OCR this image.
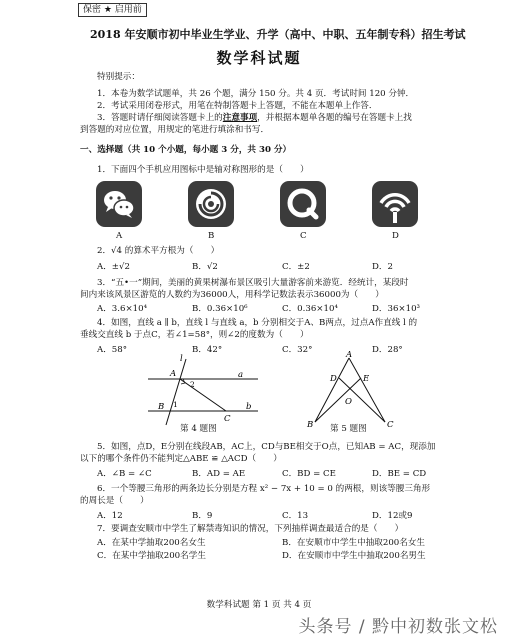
保密 ★ 启用前
2018 年安顺市初中毕业生学业、升学（高中、中职、五年制专科）招生考试
数学科试题
特别提示：
1．本卷为数学试题单，共 26 个题，满分 150 分。共 4 页．考试时间 120 分钟．
2．考试采用闭卷形式，用笔在特制答题卡上答题，不能在本题单上作答．
3．答题时请仔细阅读答题卡上的注意事项，并根据本题单各题的编号在答题卡上找
到答题的对应位置，用规定的笔进行填涂和书写．
一、选择题（共 10 个小题，每小题 3 分，共 30 分）
1．下面四个手机应用图标中是轴对称图形的是（　　）
A	B	C	D
2．√4 的算术平方根为（　　）
A．±√2	B．√2	C．±2	D．2
3．“五•一”期间，美丽的黄果树瀑布景区吸引大量游客前来游览．经统计，某段时
间内来该风景区游览的人数约为36000人，用科学记数法表示36000为（　　）
A．3.6×10⁴	B．0.36×10⁶	C．0.36×10⁴	D．36×10³
4．如图，直线 a ∥ b，直线 l 与直线 a，b 分别相交于A、B两点，过点A作直线 l 的
垂线交直线 b 于点C，若∠1=58°，则∠2的度数为（　　）
A．58°	B．42°	C．32°	D．28°
l
A	a
2
B 1
C
b
第 4 题图
A
D	E
O
B	C
第 5 题图
5．如图，点D，E分别在线段AB，AC上，CD与BE相交于O点，已知AB = AC，现添加
以下的哪个条件仍不能判定△ABE ≌ △ACD（　　）
A．∠B = ∠C	B．AD = AE	C．BD = CE	D．BE = CD
6．一个等腰三角形的两条边长分别是方程 x² − 7x + 10 = 0 的两根，则该等腰三角形
的周长是（　　）
A．12	B．9	C．13	D．12或9
7．要调查安顺市中学生了解禁毒知识的情况，下列抽样调查最适合的是（　　）
A．在某中学抽取200名女生	B．在安顺市中学生中抽取200名女生
C．在某中学抽取200名学生	D．在安顺市中学生中抽取200名男生
数学科试题 第 1 页 共 4 页
头条号 / 黔中初数张文松
